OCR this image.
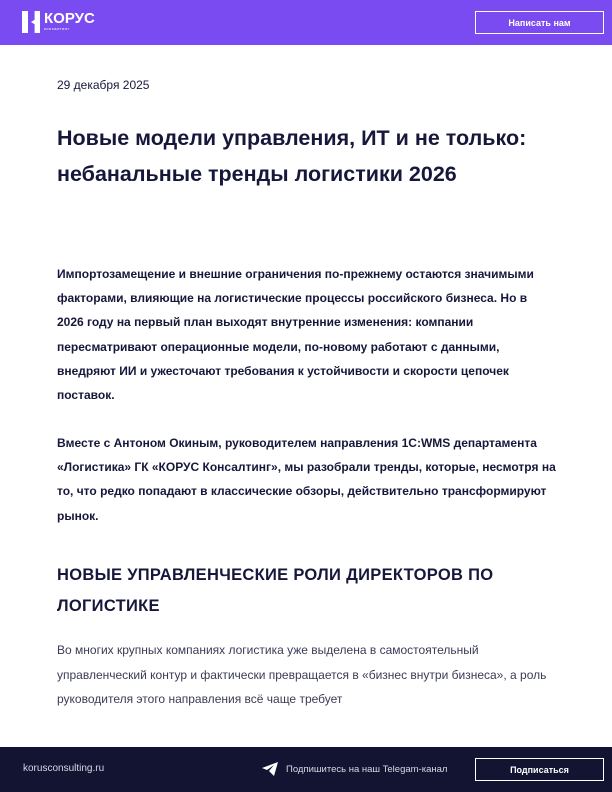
КОРУС
консалтинг
Написать нам
29 декабря 2025
Новые модели управления, ИТ и не только: небанальные тренды логистики 2026

Импортозамещение и внешние ограничения по-прежнему остаются значимыми факторами, влияющие на логистические процессы российского бизнеса. Но в 2026 году на первый план выходят внутренние изменения: компании пересматривают операционные модели, по-новому работают с данными, внедряют ИИ и ужесточают требования к устойчивости и скорости цепочек поставок.

Вместе с Антоном Окиным, руководителем направления 1С:WMS департамента «Логистика» ГК «КОРУС Консалтинг», мы разобрали тренды, которые, несмотря на то, что редко попадают в классические обзоры, действительно трансформируют рынок.

НОВЫЕ УПРАВЛЕНЧЕСКИЕ РОЛИ ДИРЕКТОРОВ ПО ЛОГИСТИКЕ

Во многих крупных компаниях логистика уже выделена в самостоятельный управленческий контур и фактически превращается в «бизнес внутри бизнеса», а роль руководителя этого направления всё чаще требует

korusconsulting.ru	Подпишитесь на наш Telegam-канал	Подписаться
